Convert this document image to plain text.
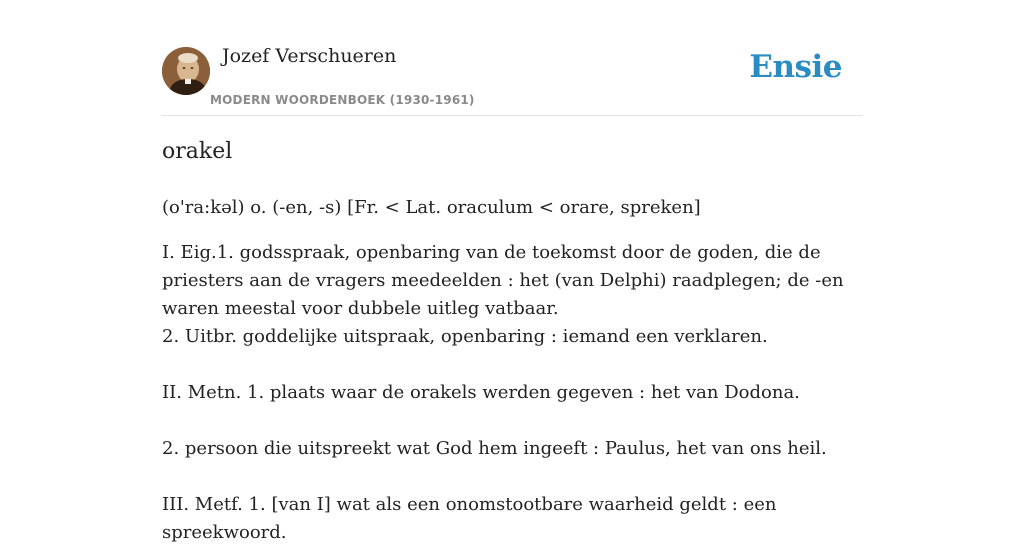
Jozef Verschueren
MODERN WOORDENBOEK (1930-1961)
Ensie
orakel
(o'ra:kəl) o. (-en, -s) [Fr. < Lat. oraculum < orare, spreken]

I. Eig.1. godsspraak, openbaring van de toekomst door de goden, die de priesters aan de vragers meedeelden : het (van Delphi) raadplegen; de -en waren meestal voor dubbele uitleg vatbaar.

2. Uitbr. goddelijke uitspraak, openbaring : iemand een verklaren.

II. Metn. 1. plaats waar de orakels werden gegeven : het van Dodona.

2. persoon die uitspreekt wat God hem ingeeft : Paulus, het van ons heil.

III. Metf. 1. [van I] wat als een onomstootbare waarheid geldt : een spreekwoord.
